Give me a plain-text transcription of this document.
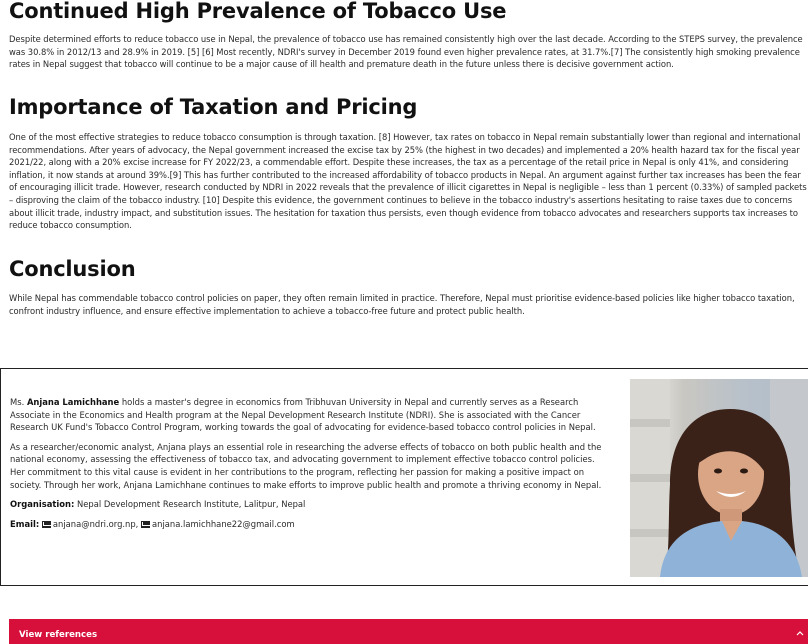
Continued High Prevalence of Tobacco Use

Despite determined efforts to reduce tobacco use in Nepal, the prevalence of tobacco use has remained consistently high over the last decade. According to the STEPS survey, the prevalence was 30.8% in 2012/13 and 28.9% in 2019. [5] [6] Most recently, NDRI's survey in December 2019 found even higher prevalence rates, at 31.7%.[7] The consistently high smoking prevalence rates in Nepal suggest that tobacco will continue to be a major cause of ill health and premature death in the future unless there is decisive government action.

Importance of Taxation and Pricing

One of the most effective strategies to reduce tobacco consumption is through taxation. [8] However, tax rates on tobacco in Nepal remain substantially lower than regional and international recommendations. After years of advocacy, the Nepal government increased the excise tax by 25% (the highest in two decades) and implemented a 20% health hazard tax for the fiscal year 2021/22, along with a 20% excise increase for FY 2022/23, a commendable effort. Despite these increases, the tax as a percentage of the retail price in Nepal is only 41%, and considering inflation, it now stands at around 39%.[9] This has further contributed to the increased affordability of tobacco products in Nepal. An argument against further tax increases has been the fear of encouraging illicit trade. However, research conducted by NDRI in 2022 reveals that the prevalence of illicit cigarettes in Nepal is negligible – less than 1 percent (0.33%) of sampled packets – disproving the claim of the tobacco industry. [10] Despite this evidence, the government continues to believe in the tobacco industry's assertions hesitating to raise taxes due to concerns about illicit trade, industry impact, and substitution issues. The hesitation for taxation thus persists, even though evidence from tobacco advocates and researchers supports tax increases to reduce tobacco consumption.

Conclusion

While Nepal has commendable tobacco control policies on paper, they often remain limited in practice. Therefore, Nepal must prioritise evidence-based policies like higher tobacco taxation, confront industry influence, and ensure effective implementation to achieve a tobacco-free future and protect public health.

Ms. Anjana Lamichhane holds a master's degree in economics from Tribhuvan University in Nepal and currently serves as a Research Associate in the Economics and Health program at the Nepal Development Research Institute (NDRI). She is associated with the Cancer Research UK Fund's Tobacco Control Program, working towards the goal of advocating for evidence-based tobacco control policies in Nepal.

As a researcher/economic analyst, Anjana plays an essential role in researching the adverse effects of tobacco on both public health and the national economy, assessing the effectiveness of tobacco tax, and advocating government to implement effective tobacco control policies. Her commitment to this vital cause is evident in her contributions to the program, reflecting her passion for making a positive impact on society. Through her work, Anjana Lamichhane continues to make efforts to improve public health and promote a thriving economy in Nepal.

Organisation: Nepal Development Research Institute, Lalitpur, Nepal

Email: anjana@ndri.org.np, anjana.lamichhane22@gmail.com

View references
